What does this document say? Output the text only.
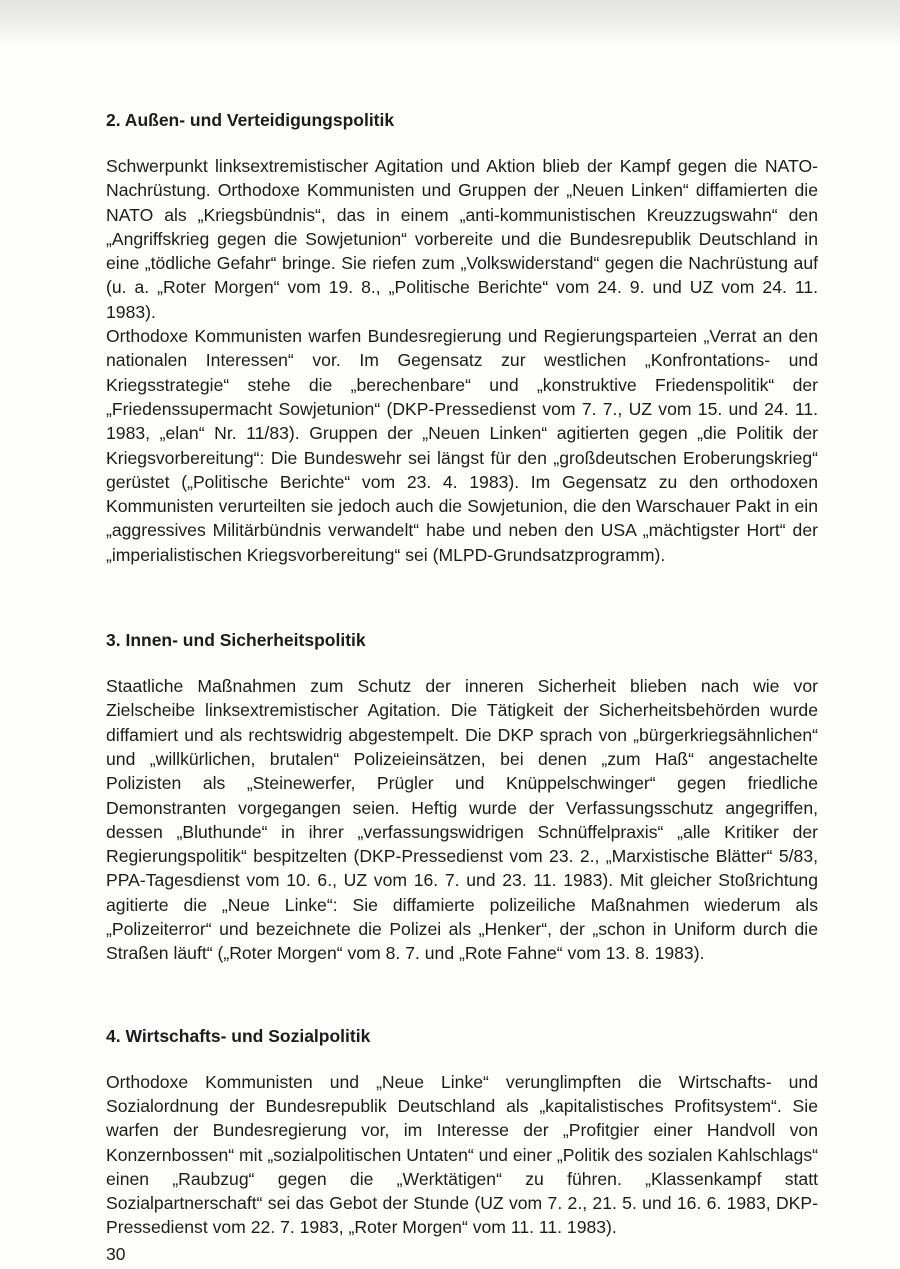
2. Außen- und Verteidigungspolitik

Schwerpunkt linksextremistischer Agitation und Aktion blieb der Kampf gegen die NATO-Nachrüstung. Orthodoxe Kommunisten und Gruppen der „Neuen Linken“ diffamierten die NATO als „Kriegsbündnis“, das in einem „anti-kommunistischen Kreuzzugswahn“ den „Angriffskrieg gegen die Sowjetunion“ vorbereite und die Bundesrepublik Deutschland in eine „tödliche Gefahr“ bringe. Sie riefen zum „Volkswiderstand“ gegen die Nachrüstung auf (u. a. „Roter Morgen“ vom 19. 8., „Politische Berichte“ vom 24. 9. und UZ vom 24. 11. 1983).

Orthodoxe Kommunisten warfen Bundesregierung und Regierungsparteien „Verrat an den nationalen Interessen“ vor. Im Gegensatz zur westlichen „Konfrontations- und Kriegsstrategie“ stehe die „berechenbare“ und „konstruktive Friedenspolitik“ der „Friedenssupermacht Sowjetunion“ (DKP-Pressedienst vom 7. 7., UZ vom 15. und 24. 11. 1983, „elan“ Nr. 11/83). Gruppen der „Neuen Linken“ agitierten gegen „die Politik der Kriegsvorbereitung“: Die Bundeswehr sei längst für den „großdeutschen Eroberungskrieg“ gerüstet („Politische Berichte“ vom 23. 4. 1983). Im Gegensatz zu den orthodoxen Kommunisten verurteilten sie jedoch auch die Sowjetunion, die den Warschauer Pakt in ein „aggressives Militärbündnis verwandelt“ habe und neben den USA „mächtigster Hort“ der „imperialistischen Kriegsvorbereitung“ sei (MLPD-Grundsatzprogramm).

3. Innen- und Sicherheitspolitik

Staatliche Maßnahmen zum Schutz der inneren Sicherheit blieben nach wie vor Zielscheibe linksextremistischer Agitation. Die Tätigkeit der Sicherheitsbehörden wurde diffamiert und als rechtswidrig abgestempelt. Die DKP sprach von „bürgerkriegsähnlichen“ und „willkürlichen, brutalen“ Polizeieinsätzen, bei denen „zum Haß“ angestachelte Polizisten als „Steinewerfer, Prügler und Knüppelschwinger“ gegen friedliche Demonstranten vorgegangen seien. Heftig wurde der Verfassungsschutz angegriffen, dessen „Bluthunde“ in ihrer „verfassungswidrigen Schnüffelpraxis“ „alle Kritiker der Regierungspolitik“ bespitzelten (DKP-Pressedienst vom 23. 2., „Marxistische Blätter“ 5/83, PPA-Tagesdienst vom 10. 6., UZ vom 16. 7. und 23. 11. 1983). Mit gleicher Stoßrichtung agitierte die „Neue Linke“: Sie diffamierte polizeiliche Maßnahmen wiederum als „Polizeiterror“ und bezeichnete die Polizei als „Henker“, der „schon in Uniform durch die Straßen läuft“ („Roter Morgen“ vom 8. 7. und „Rote Fahne“ vom 13. 8. 1983).

4. Wirtschafts- und Sozialpolitik

Orthodoxe Kommunisten und „Neue Linke“ verunglimpften die Wirtschafts- und Sozialordnung der Bundesrepublik Deutschland als „kapitalistisches Profitsystem“. Sie warfen der Bundesregierung vor, im Interesse der „Profitgier einer Handvoll von Konzernbossen“ mit „sozialpolitischen Untaten“ und einer „Politik des sozialen Kahlschlags“ einen „Raubzug“ gegen die „Werktätigen“ zu führen. „Klassenkampf statt Sozialpartnerschaft“ sei das Gebot der Stunde (UZ vom 7. 2., 21. 5. und 16. 6. 1983, DKP-Pressedienst vom 22. 7. 1983, „Roter Morgen“ vom 11. 11. 1983).

30
